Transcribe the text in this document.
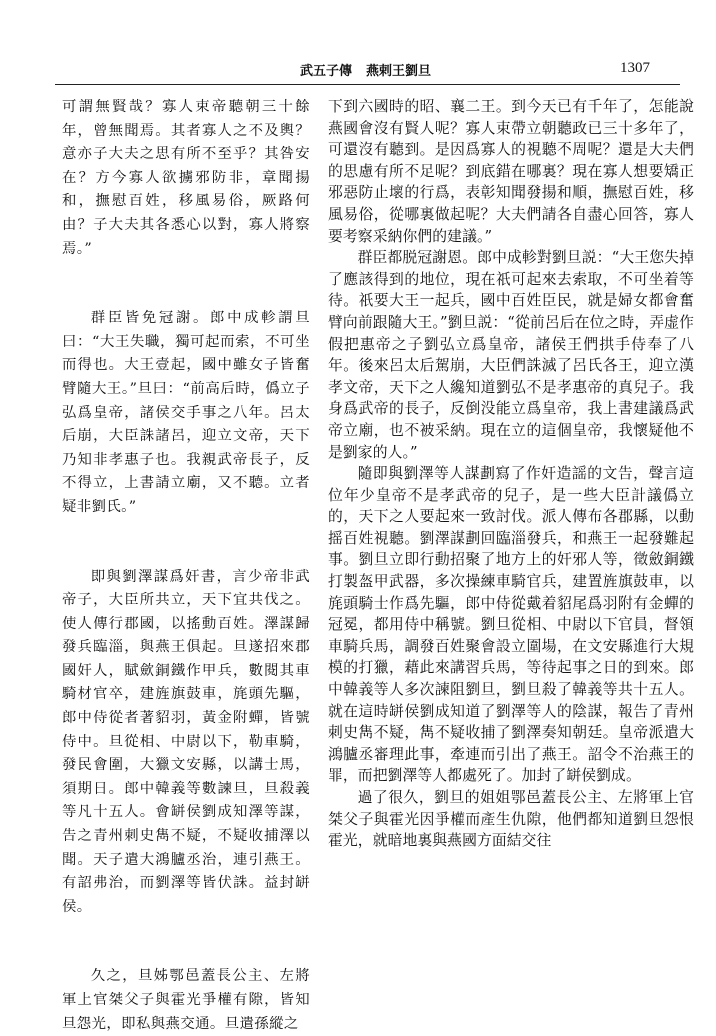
武五子傳 燕剌王劉旦	1307

可謂無賢哉？寡人束帝聽朝三十餘年，曾無聞焉。其者寡人之不及輿？意亦子大夫之思有所不至乎？其咎安在？方今寡人欲擄邪防非，章聞揚和，撫慰百姓，移風易俗，厥路何由？子大夫其各悉心以對，寡人將察焉。”

群臣皆免冠謝。郎中成軫謂旦曰：“大王失職，獨可起而索，不可坐而得也。大王壹起，國中雖女子皆奮臂隨大王。”旦曰：“前高后時，僞立子弘爲皇帝，諸侯交手事之八年。呂太后崩，大臣誅諸呂，迎立文帝，天下乃知非孝惠子也。我親武帝長子，反不得立，上書請立廟，又不聽。立者疑非劉氏。”

即與劉澤謀爲奸書，言少帝非武帝子，大臣所共立，天下宜共伐之。使人傳行郡國，以搖動百姓。澤謀歸發兵臨淄，與燕王俱起。旦遂招來郡國奸人，賦歛銅鐵作甲兵，數閱其車騎材官卒，建旌旗鼓車，旄頭先驅，郎中侍從者著貂羽，黃金附蟬，皆號侍中。旦從相、中尉以下，勒車騎，發民會圍，大獵文安縣，以講士馬，須期日。郎中韓義等數諫旦，旦殺義等凡十五人。會缾侯劉成知澤等謀，告之青州刺史雋不疑，不疑收捕澤以聞。天子遣大鴻臚丞治，連引燕王。有詔弗治，而劉澤等皆伏誅。益封缾侯。

久之，旦姊鄂邑蓋長公主、左將軍上官桀父子與霍光爭權有隙，皆知旦怨光，即私與燕交通。旦遣孫縱之

下到六國時的昭、襄二王。到今天已有千年了，怎能說燕國會沒有賢人呢？寡人束帶立朝聽政已三十多年了，可還沒有聽到。是因爲寡人的視聽不周呢？還是大夫們的思慮有所不足呢？到底錯在哪裏？現在寡人想要矯正邪惡防止壞的行爲，表彰知聞發揚和順，撫慰百姓，移風易俗，從哪裏做起呢？大夫們請各自盡心回答，寡人要考察采納你們的建議。”

群臣都脱冠謝恩。郎中成軫對劉旦説：“大王您失掉了應該得到的地位，現在祇可起來去索取，不可坐着等待。祇要大王一起兵，國中百姓臣民，就是婦女都會奮臂向前跟隨大王。”劉旦説：“從前呂后在位之時，弄虚作假把惠帝之子劉弘立爲皇帝，諸侯王們拱手侍奉了八年。後來呂太后駕崩，大臣們誅滅了呂氏各王，迎立漢孝文帝，天下之人纔知道劉弘不是孝惠帝的真兒子。我身爲武帝的長子，反倒没能立爲皇帝，我上書建議爲武帝立廟，也不被采納。現在立的這個皇帝，我懷疑他不是劉家的人。”

隨即與劉澤等人謀劃寫了作奸造謡的文告，聲言這位年少皇帝不是孝武帝的兒子，是一些大臣計議僞立的，天下之人要起來一致討伐。派人傳布各郡縣，以動摇百姓視聽。劉澤謀劃回臨淄發兵，和燕王一起發難起事。劉旦立即行動招聚了地方上的奸邪人等，徵斂銅鐵打製盔甲武器，多次操練車騎官兵，建置旌旗鼓車，以旄頭騎士作爲先驅，郎中侍從戴着貂尾爲羽附有金蟬的冠冕，都用侍中稱號。劉旦從相、中尉以下官員，督領車騎兵馬，調發百姓聚會設立圍場，在文安縣進行大規模的打獵，藉此來講習兵馬，等待起事之日的到來。郎中韓義等人多次諫阻劉旦，劉旦殺了韓義等共十五人。就在這時缾侯劉成知道了劉澤等人的陰謀，報告了青州刺史雋不疑，雋不疑收捕了劉澤奏知朝廷。皇帝派遣大鴻臚丞審理此事，牽連而引出了燕王。詔令不治燕王的罪，而把劉澤等人都處死了。加封了缾侯劉成。

過了很久，劉旦的姐姐鄂邑蓋長公主、左將軍上官桀父子與霍光因爭權而產生仇隙，他們都知道劉旦怨恨霍光，就暗地裏與燕國方面結交往
